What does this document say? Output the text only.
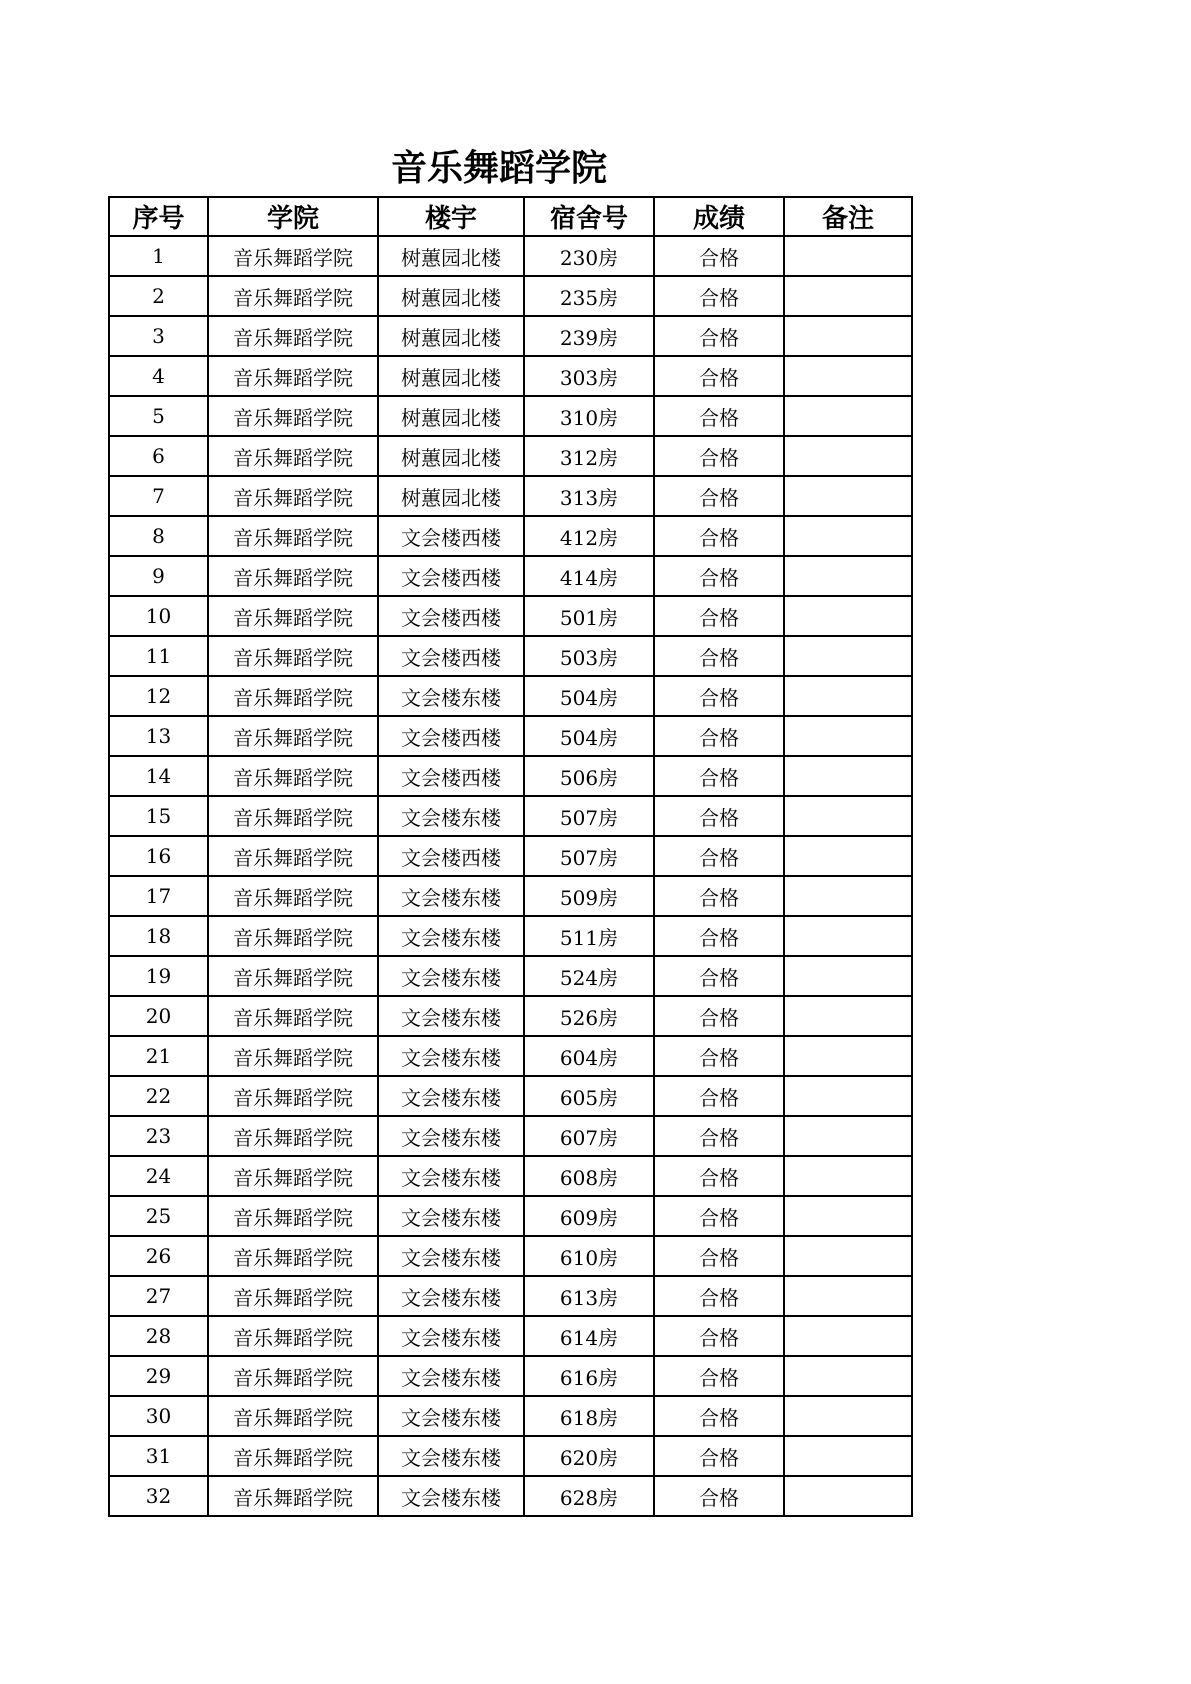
音乐舞蹈学院
序号	学院	楼宇	宿舍号	成绩	备注
1	音乐舞蹈学院	树蕙园北楼	230房	合格	
2	音乐舞蹈学院	树蕙园北楼	235房	合格	
3	音乐舞蹈学院	树蕙园北楼	239房	合格	
4	音乐舞蹈学院	树蕙园北楼	303房	合格	
5	音乐舞蹈学院	树蕙园北楼	310房	合格	
6	音乐舞蹈学院	树蕙园北楼	312房	合格	
7	音乐舞蹈学院	树蕙园北楼	313房	合格	
8	音乐舞蹈学院	文会楼西楼	412房	合格	
9	音乐舞蹈学院	文会楼西楼	414房	合格	
10	音乐舞蹈学院	文会楼西楼	501房	合格	
11	音乐舞蹈学院	文会楼西楼	503房	合格	
12	音乐舞蹈学院	文会楼东楼	504房	合格	
13	音乐舞蹈学院	文会楼西楼	504房	合格	
14	音乐舞蹈学院	文会楼西楼	506房	合格	
15	音乐舞蹈学院	文会楼东楼	507房	合格	
16	音乐舞蹈学院	文会楼西楼	507房	合格	
17	音乐舞蹈学院	文会楼东楼	509房	合格	
18	音乐舞蹈学院	文会楼东楼	511房	合格	
19	音乐舞蹈学院	文会楼东楼	524房	合格	
20	音乐舞蹈学院	文会楼东楼	526房	合格	
21	音乐舞蹈学院	文会楼东楼	604房	合格	
22	音乐舞蹈学院	文会楼东楼	605房	合格	
23	音乐舞蹈学院	文会楼东楼	607房	合格	
24	音乐舞蹈学院	文会楼东楼	608房	合格	
25	音乐舞蹈学院	文会楼东楼	609房	合格	
26	音乐舞蹈学院	文会楼东楼	610房	合格	
27	音乐舞蹈学院	文会楼东楼	613房	合格	
28	音乐舞蹈学院	文会楼东楼	614房	合格	
29	音乐舞蹈学院	文会楼东楼	616房	合格	
30	音乐舞蹈学院	文会楼东楼	618房	合格	
31	音乐舞蹈学院	文会楼东楼	620房	合格	
32	音乐舞蹈学院	文会楼东楼	628房	合格	
